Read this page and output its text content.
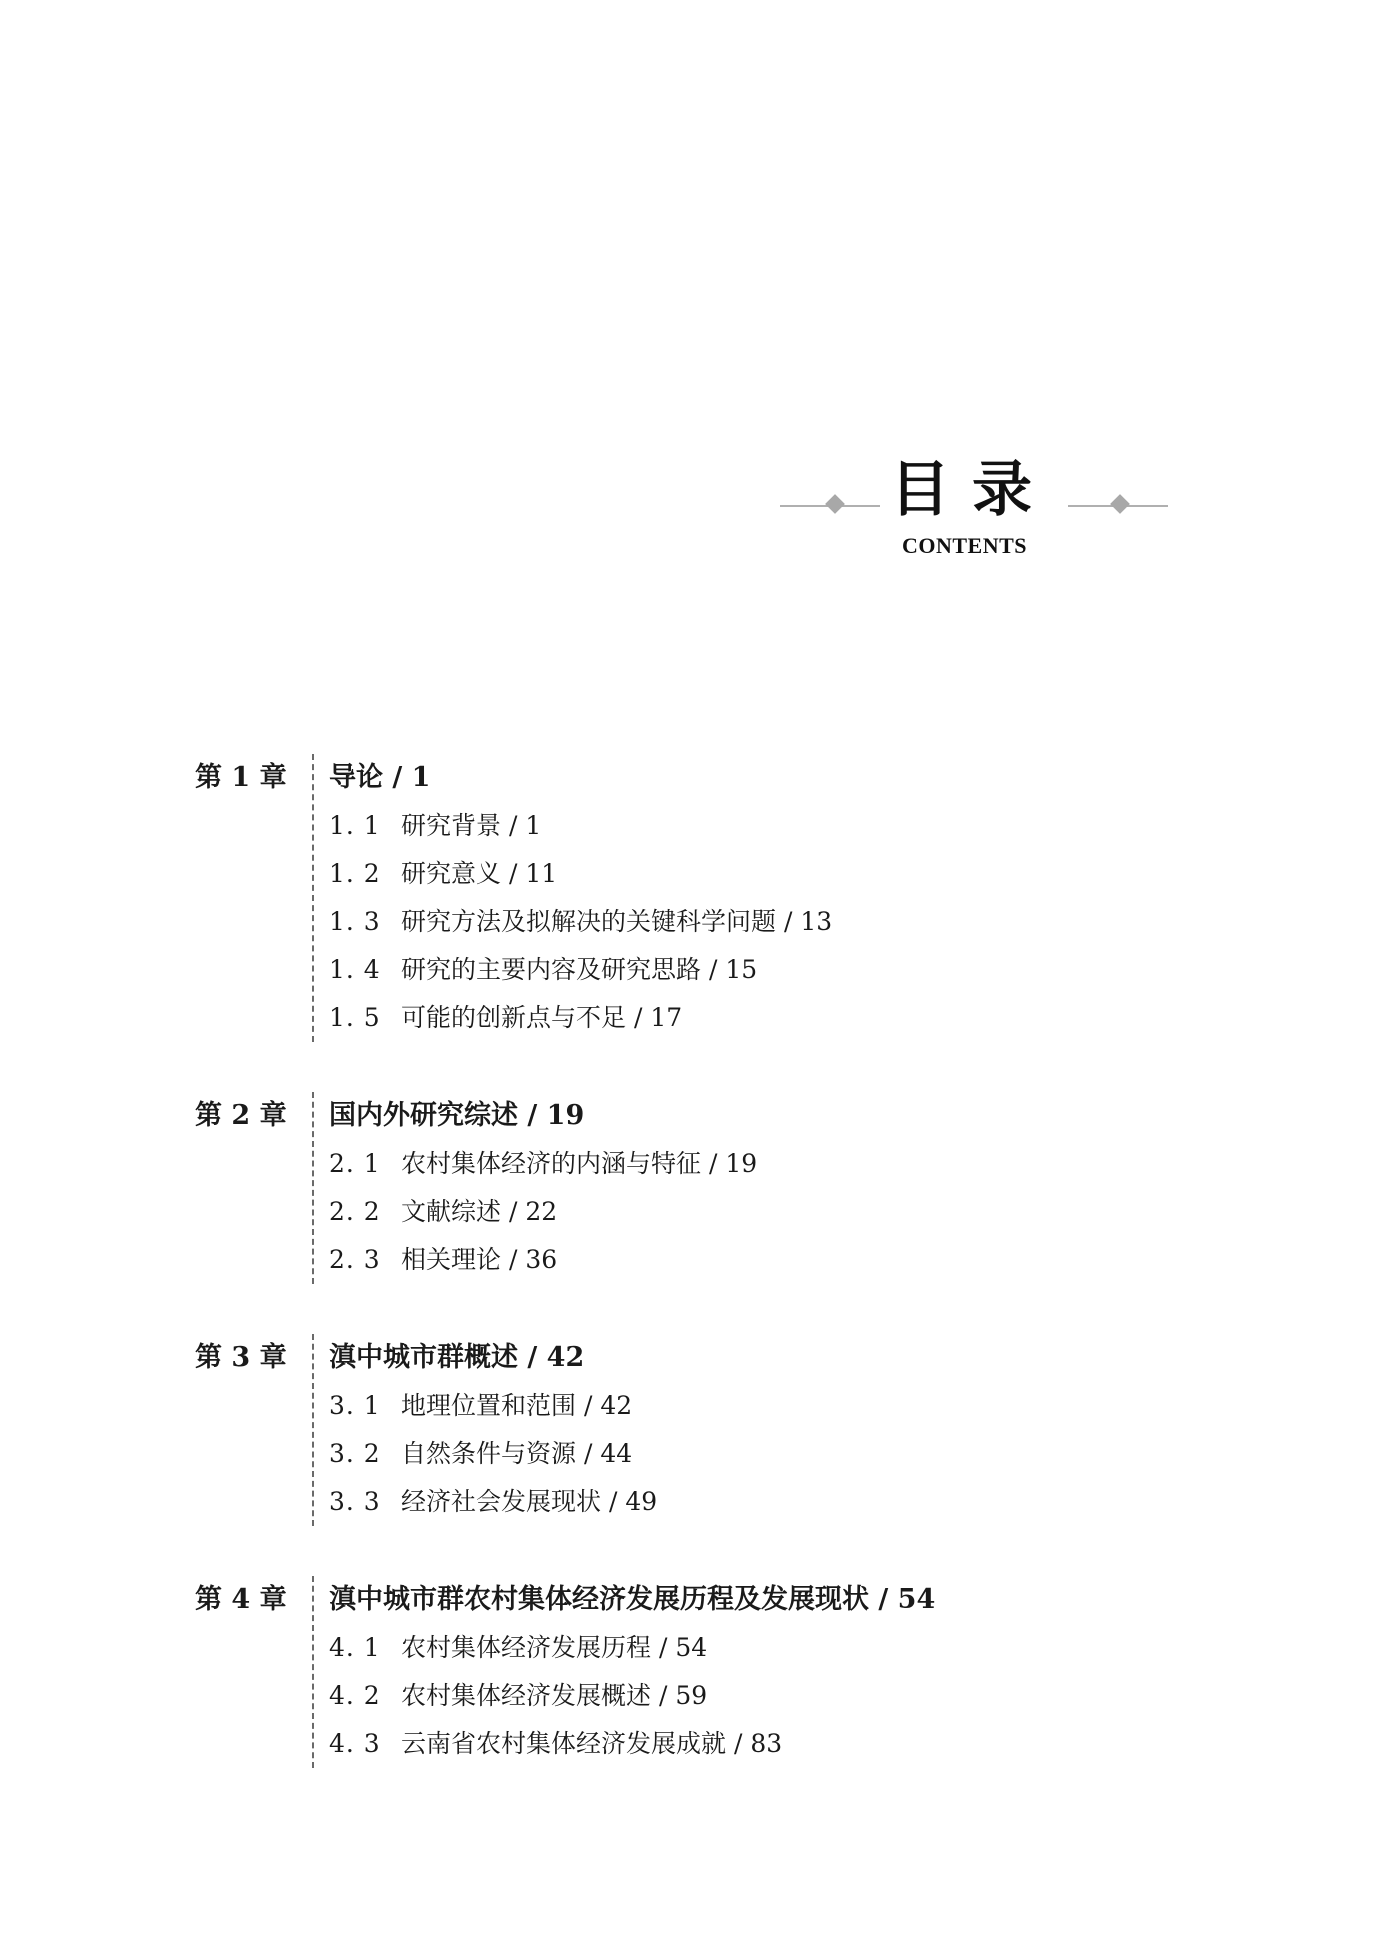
目录
CONTENTS
第 1 章	导论 / 1
1. 1 研究背景 / 1
1. 2 研究意义 / 11
1. 3 研究方法及拟解决的关键科学问题 / 13
1. 4 研究的主要内容及研究思路 / 15
1. 5 可能的创新点与不足 / 17
第 2 章	国内外研究综述 / 19
2. 1 农村集体经济的内涵与特征 / 19
2. 2 文献综述 / 22
2. 3 相关理论 / 36
第 3 章	滇中城市群概述 / 42
3. 1 地理位置和范围 / 42
3. 2 自然条件与资源 / 44
3. 3 经济社会发展现状 / 49
第 4 章	滇中城市群农村集体经济发展历程及发展现状 / 54
4. 1 农村集体经济发展历程 / 54
4. 2 农村集体经济发展概述 / 59
4. 3 云南省农村集体经济发展成就 / 83
